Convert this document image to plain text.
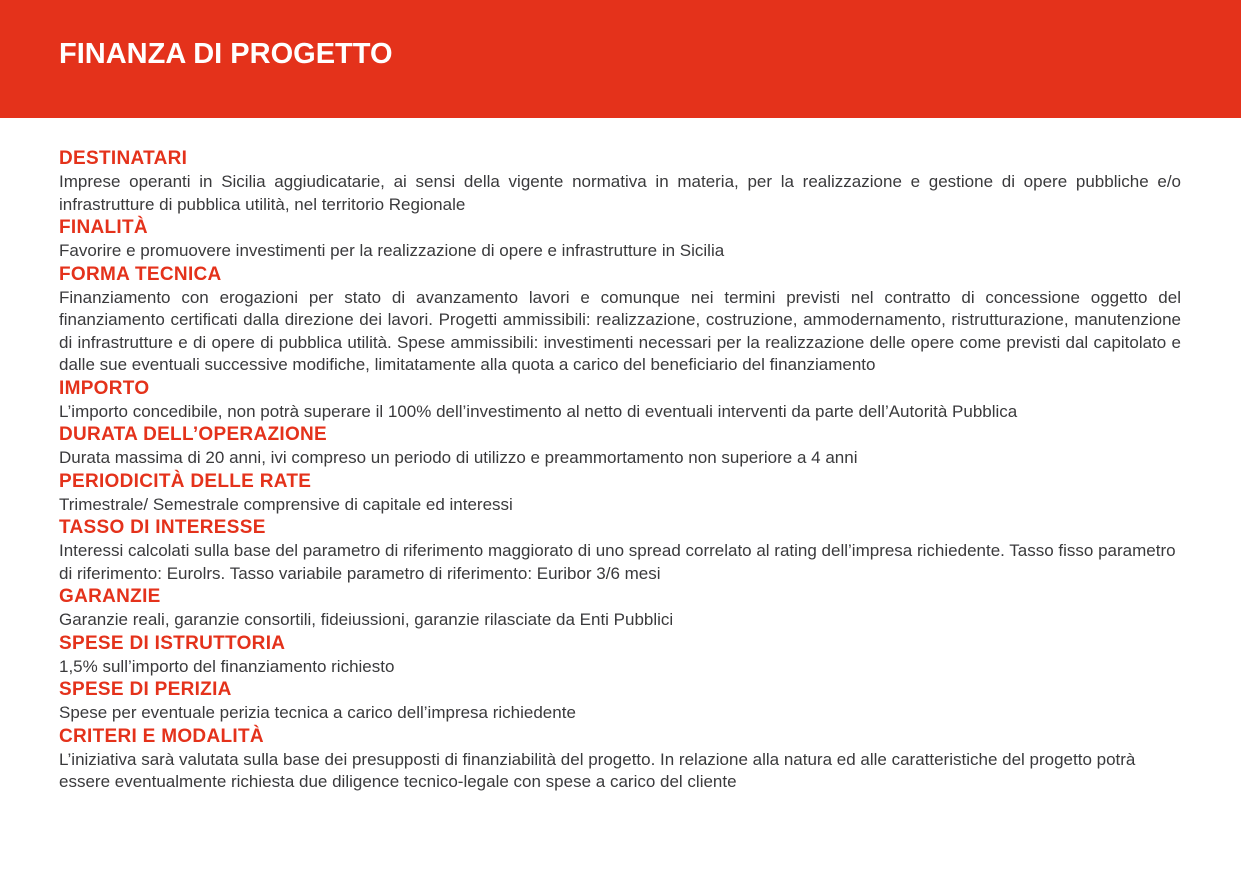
FINANZA DI PROGETTO
DESTINATARI

Imprese operanti in Sicilia aggiudicatarie, ai sensi della vigente normativa in materia, per la realizzazione e gestione di opere pubbliche e/o infrastrutture di pubblica utilità, nel territorio Regionale

FINALITÀ

Favorire e promuovere investimenti per la realizzazione di opere e infrastrutture in Sicilia

FORMA TECNICA

Finanziamento con erogazioni per stato di avanzamento lavori e comunque nei termini previsti nel contratto di concessione oggetto del finanziamento certificati dalla direzione dei lavori. Progetti ammissibili: realizzazione, costruzione, ammodernamento, ristrutturazione, manutenzione di infrastrutture e di opere di pubblica utilità. Spese ammissibili: investimenti necessari per la realizzazione delle opere come previsti dal capitolato e dalle sue eventuali successive modifiche, limitatamente alla quota a carico del beneficiario del finanziamento

IMPORTO

L’importo concedibile, non potrà superare il 100% dell’investimento al netto di eventuali interventi da parte dell’Autorità Pubblica

DURATA DELL’OPERAZIONE

Durata massima di 20 anni, ivi compreso un periodo di utilizzo e preammortamento non superiore a 4 anni

PERIODICITÀ DELLE RATE

Trimestrale/ Semestrale comprensive di capitale ed interessi

TASSO DI INTERESSE

Interessi calcolati sulla base del parametro di riferimento maggiorato di uno spread correlato al rating dell’impresa richiedente. Tasso fisso parametro di riferimento: Eurolrs. Tasso variabile parametro di riferimento: Euribor 3/6 mesi

GARANZIE

Garanzie reali, garanzie consortili, fideiussioni, garanzie rilasciate da Enti Pubblici

SPESE DI ISTRUTTORIA

1,5% sull’importo del finanziamento richiesto

SPESE DI PERIZIA

Spese per eventuale perizia tecnica a carico dell’impresa richiedente

CRITERI E MODALITÀ

L’iniziativa sarà valutata sulla base dei presupposti di finanziabilità del progetto. In relazione alla natura ed alle caratteristiche del progetto potrà essere eventualmente richiesta due diligence tecnico-legale con spese a carico del cliente
